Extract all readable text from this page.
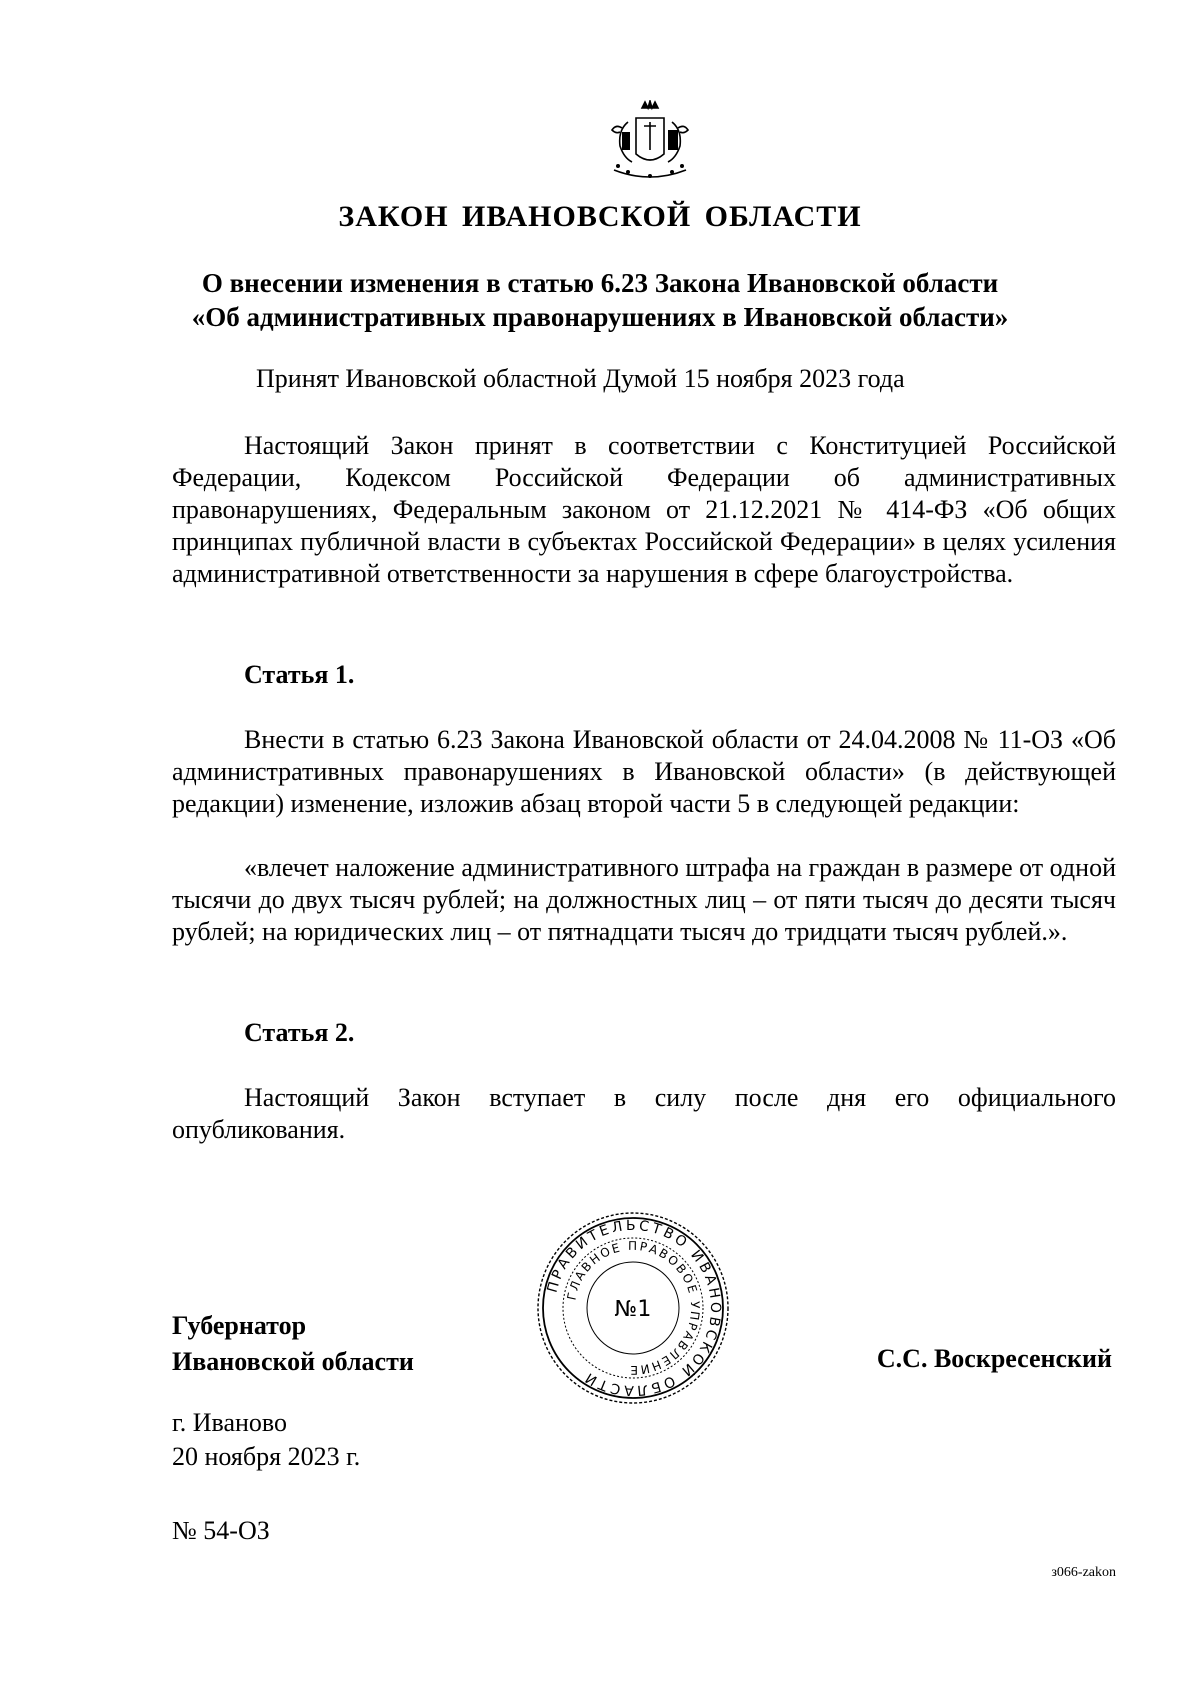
ЗАКОН ИВАНОВСКОЙ ОБЛАСТИ
О внесении изменения в статью 6.23 Закона Ивановской области
«Об административных правонарушениях в Ивановской области»

Принят Ивановской областной Думой 15 ноября 2023 года

Настоящий Закон принят в соответствии с Конституцией Российской Федерации, Кодексом Российской Федерации об административных правонарушениях, Федеральным законом от 21.12.2021 № 414-ФЗ «Об общих принципах публичной власти в субъектах Российской Федерации» в целях усиления административной ответственности за нарушения в сфере благоустройства.

Статья 1.

Внести в статью 6.23 Закона Ивановской области от 24.04.2008 № 11-ОЗ «Об административных правонарушениях в Ивановской области» (в действующей редакции) изменение, изложив абзац второй части 5 в следующей редакции:

«влечет наложение административного штрафа на граждан в размере от одной тысячи до двух тысяч рублей; на должностных лиц – от пяти тысяч до десяти тысяч рублей; на юридических лиц – от пятнадцати тысяч до тридцати тысяч рублей.».

Статья 2.

Настоящий Закон вступает в силу после дня его официального опубликования.

Губернатор
Ивановской области

ПРАВИТЕЛЬСТВО ИВАНОВСКОЙ ОБЛАСТИ
ГЛАВНОЕ ПРАВОВОЕ УПРАВЛЕНИЕ
№1

С.С. Воскресенский

г. Иваново
20 ноября 2023 г.

№ 54-ОЗ

з066-zakon
